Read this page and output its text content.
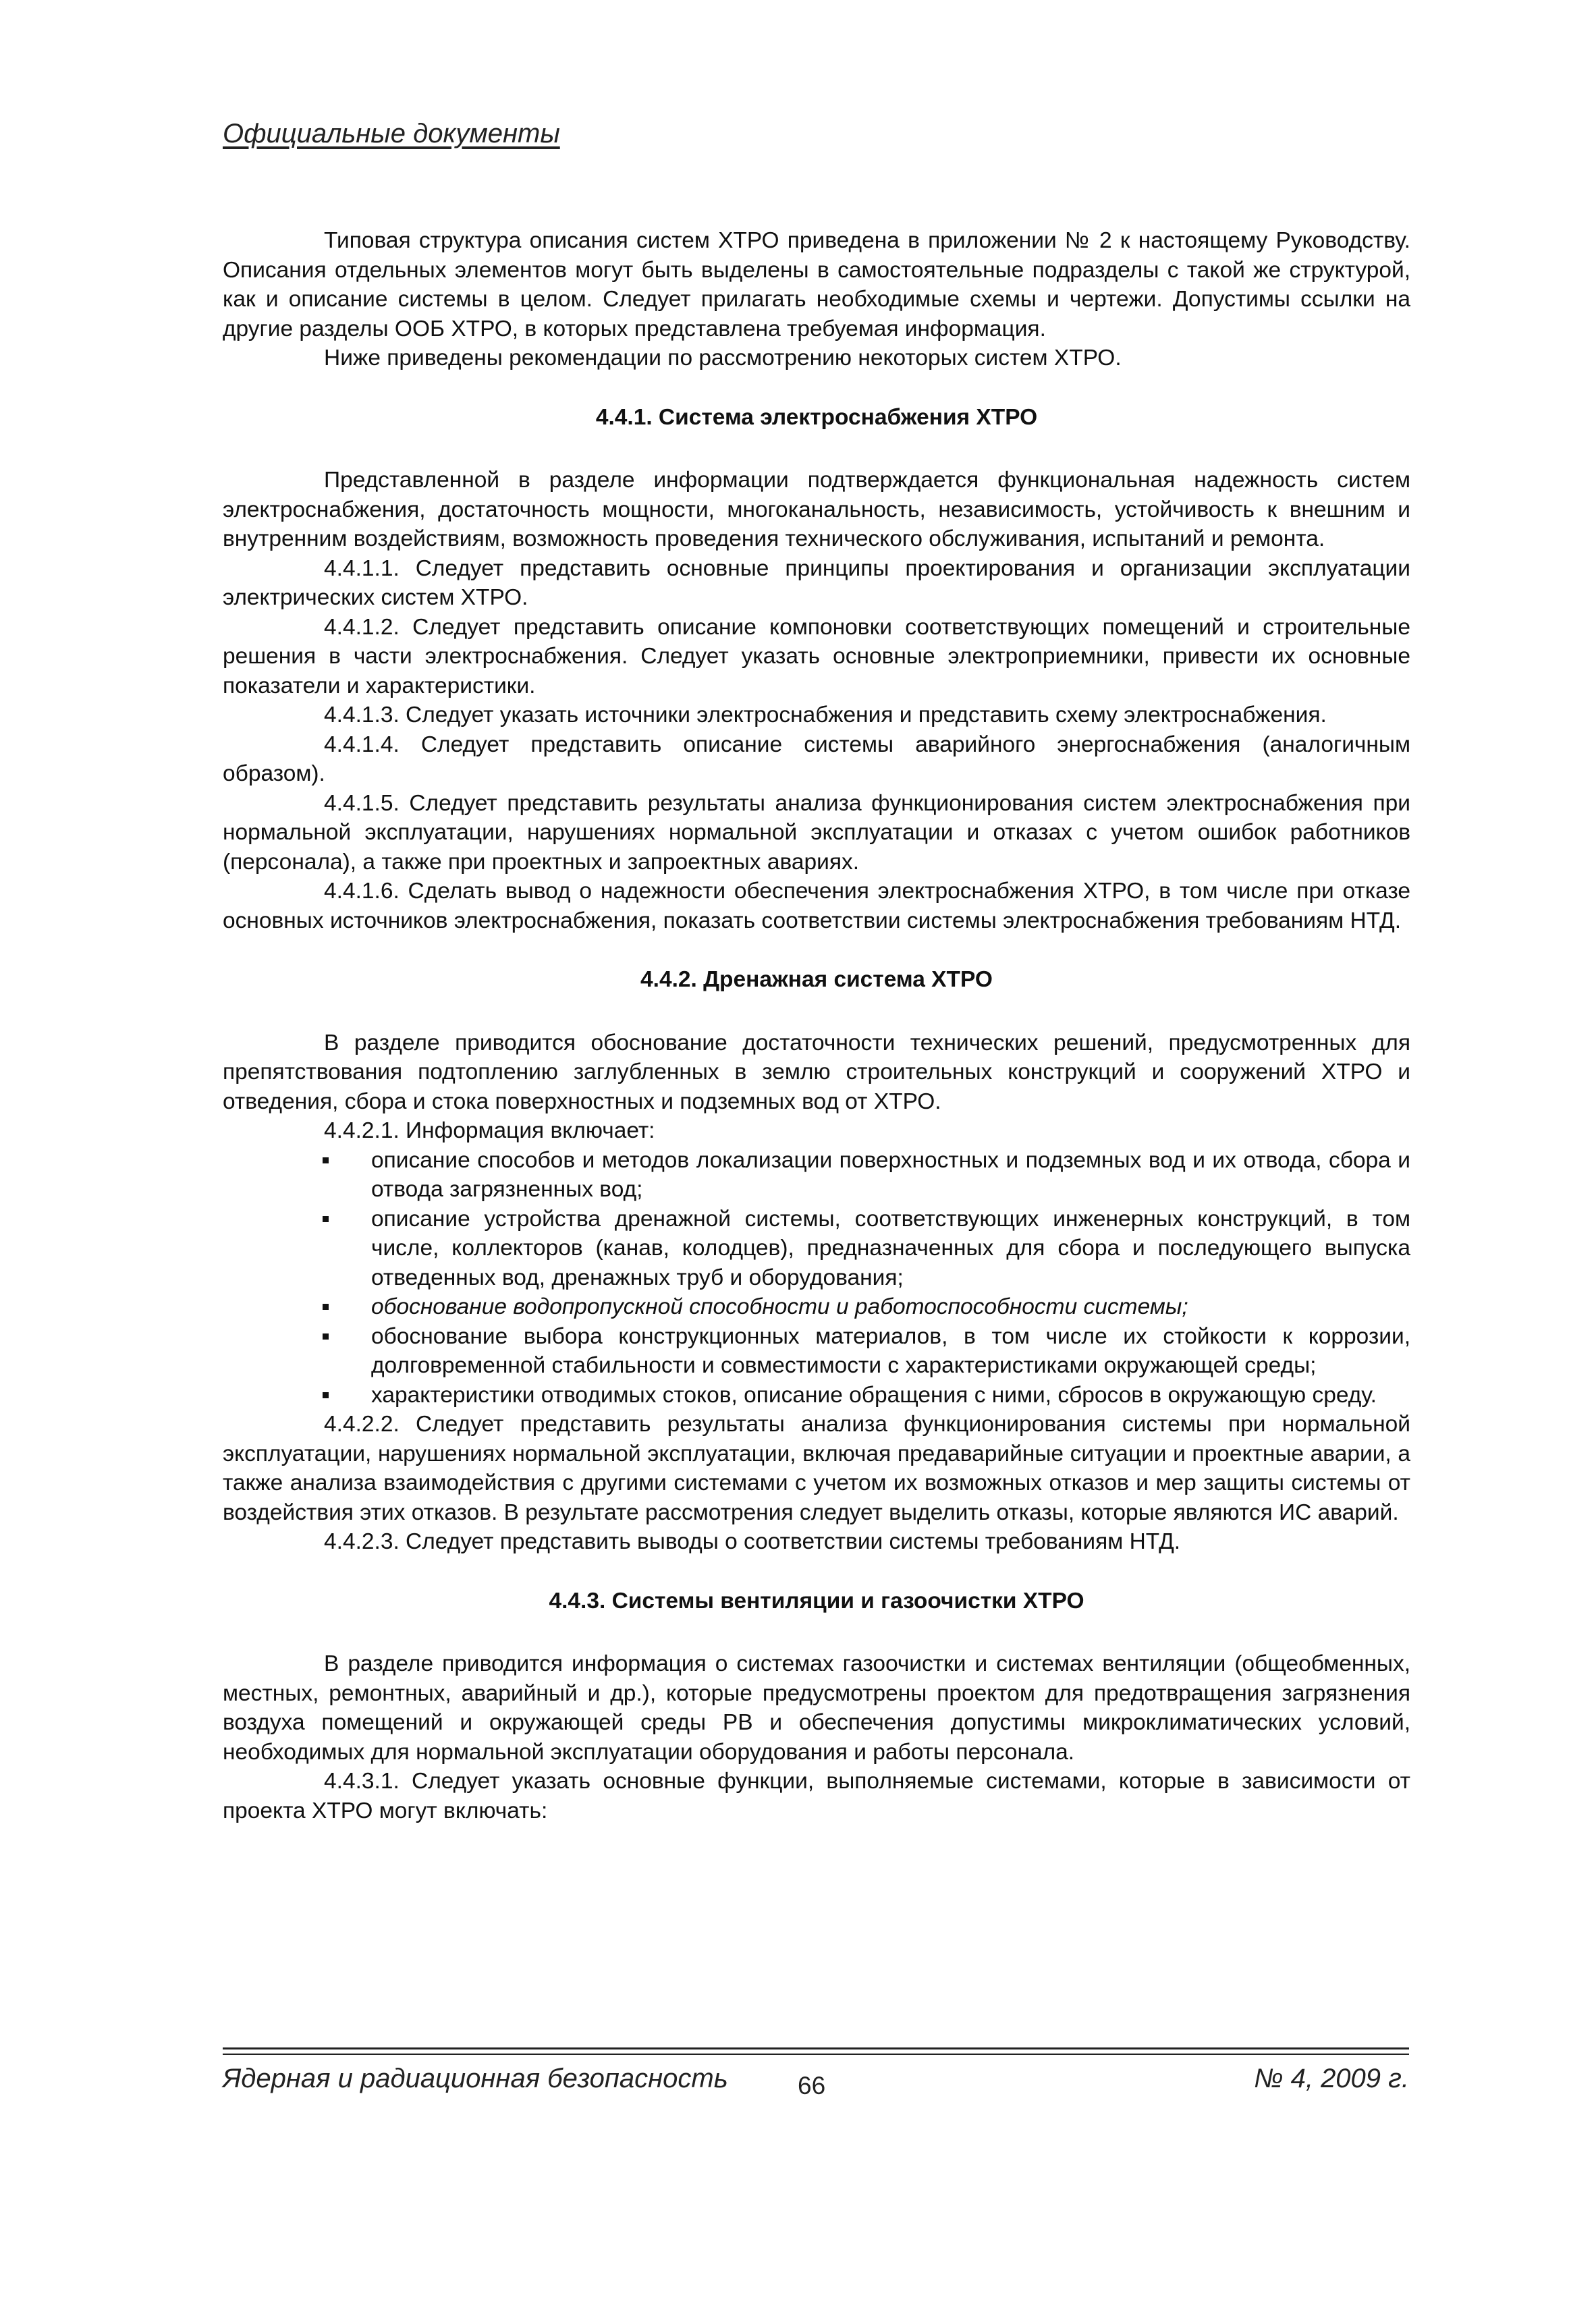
Официальные документы

Типовая структура описания систем ХТРО приведена в приложении № 2 к настоящему Руководству. Описания отдельных элементов могут быть выделены в самостоятельные подразделы с такой же структурой, как и описание системы в целом. Следует прилагать необходимые схемы и чертежи. Допустимы ссылки на другие разделы ООБ ХТРО, в которых представлена требуемая информация.

Ниже приведены рекомендации по рассмотрению некоторых систем ХТРО.

4.4.1. Система электроснабжения ХТРО

Представленной в разделе информации подтверждается функциональная надежность систем электроснабжения, достаточность мощности, многоканальность, независимость, устойчивость к внешним и внутренним воздействиям, возможность проведения технического обслуживания, испытаний и ремонта.

4.4.1.1. Следует представить основные принципы проектирования и организации эксплуатации электрических систем ХТРО.

4.4.1.2. Следует представить описание компоновки соответствующих помещений и строительные решения в части электроснабжения. Следует указать основные электроприемники, привести их основные показатели и характеристики.

4.4.1.3. Следует указать источники электроснабжения и представить схему электроснабжения.

4.4.1.4. Следует представить описание системы аварийного энергоснабжения (аналогичным образом).

4.4.1.5. Следует представить результаты анализа функционирования систем электроснабжения при нормальной эксплуатации, нарушениях нормальной эксплуатации и отказах с учетом ошибок работников (персонала), а также при проектных и запроектных авариях.

4.4.1.6. Сделать вывод о надежности обеспечения электроснабжения ХТРО, в том числе при отказе основных источников электроснабжения, показать соответствии системы электроснабжения требованиям НТД.

4.4.2. Дренажная система ХТРО

В разделе приводится обоснование достаточности технических решений, предусмотренных для препятствования подтоплению заглубленных в землю строительных конструкций и сооружений ХТРО и отведения, сбора и стока поверхностных и подземных вод от ХТРО.

4.4.2.1. Информация включает:

описание способов и методов локализации поверхностных и подземных вод и их отвода, сбора и отвода загрязненных вод;
описание устройства дренажной системы, соответствующих инженерных конструкций, в том числе, коллекторов (канав, колодцев), предназначенных для сбора и последующего выпуска отведенных вод, дренажных труб и оборудования;
обоснование водопропускной способности и работоспособности системы;
обоснование выбора конструкционных материалов, в том числе их стойкости к коррозии, долговременной стабильности и совместимости с характеристиками окружающей среды;
характеристики отводимых стоков, описание обращения с ними, сбросов в окружающую среду.

4.4.2.2. Следует представить результаты анализа функционирования системы при нормальной эксплуатации, нарушениях нормальной эксплуатации, включая предаварийные ситуации и проектные аварии, а также анализа взаимодействия с другими системами с учетом их возможных отказов и мер защиты системы от воздействия этих отказов. В результате рассмотрения следует выделить отказы, которые являются ИС аварий.

4.4.2.3. Следует представить выводы о соответствии системы требованиям НТД.

4.4.3. Системы вентиляции и газоочистки ХТРО

В разделе приводится информация о системах газоочистки и системах вентиляции (общеобменных, местных, ремонтных, аварийный и др.), которые предусмотрены проектом для предотвращения загрязнения воздуха помещений и окружающей среды РВ и обеспечения допустимы микроклиматических условий, необходимых для нормальной эксплуатации оборудования и работы персонала.

4.4.3.1. Следует указать основные функции, выполняемые системами, которые в зависимости от проекта ХТРО могут включать:

Ядерная и радиационная безопасность	66	№ 4, 2009 г.
